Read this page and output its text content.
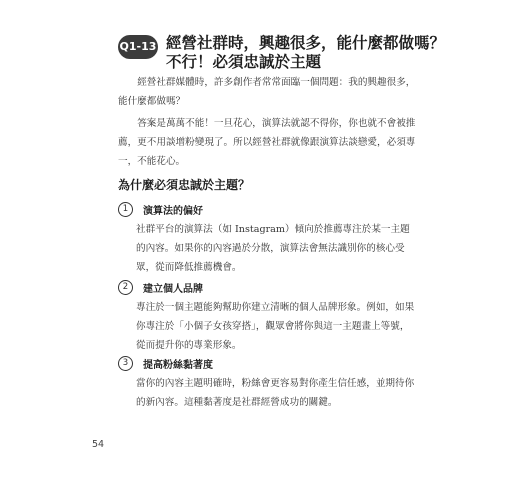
Q1-13 經營社群時，興趣很多，能什麼都做嗎？
不行！必須忠誠於主題

經營社群媒體時，許多創作者常常面臨一個問題：我的興趣很多，能什麼都做嗎？

答案是萬萬不能！一旦花心，演算法就認不得你，你也就不會被推薦，更不用談增粉變現了。所以經營社群就像跟演算法談戀愛，必須專一，不能花心。

為什麼必須忠誠於主題？
1	演算法的偏好

社群平台的演算法（如 Instagram）傾向於推薦專注於某一主題的內容。如果你的內容過於分散，演算法會無法識別你的核心受眾，從而降低推薦機會。

2	建立個人品牌

專注於一個主題能夠幫助你建立清晰的個人品牌形象。例如，如果你專注於「小個子女孩穿搭」，觀眾會將你與這一主題畫上等號，從而提升你的專業形象。

3	提高粉絲黏著度

當你的內容主題明確時，粉絲會更容易對你產生信任感，並期待你的新內容。這種黏著度是社群經營成功的關鍵。

54
